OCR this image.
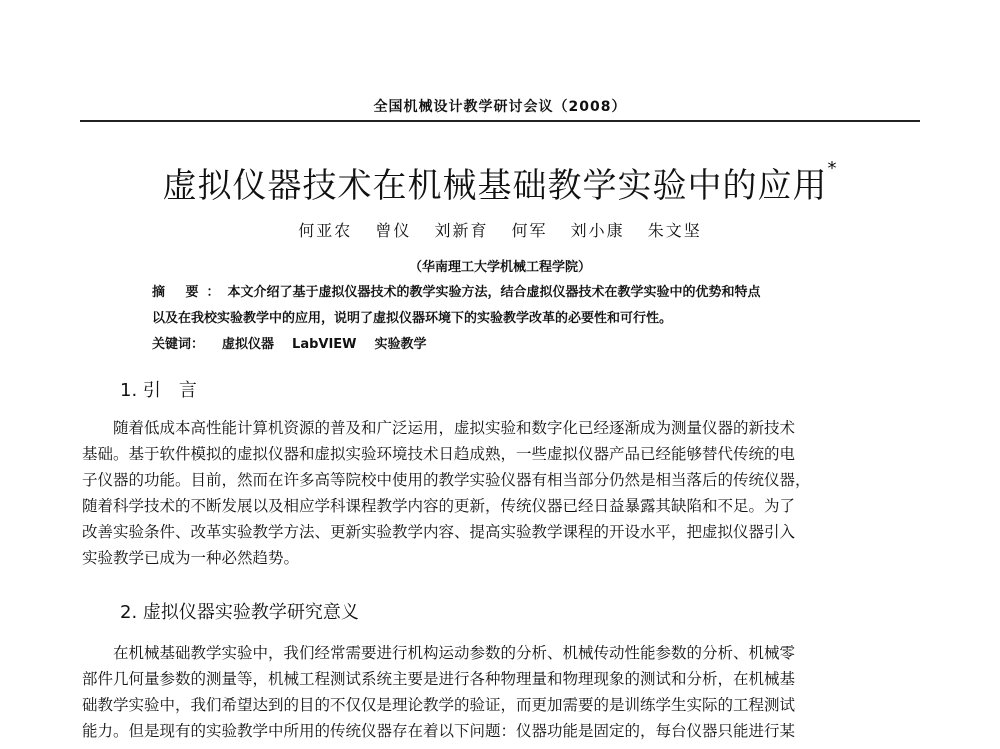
全国机械设计教学研讨会议（2008）
虚拟仪器技术在机械基础教学实验中的应用*
何亚农 曾仪 刘新育 何军 刘小康 朱文坚
（华南理工大学机械工程学院）
摘 要：本文介绍了基于虚拟仪器技术的教学实验方法，结合虚拟仪器技术在教学实验中的优势和特点
以及在我校实验教学中的应用，说明了虚拟仪器环境下的实验教学改革的必要性和可行性。
关键词： 虚拟仪器 LabVIEW 实验教学
1. 引　言

　　随着低成本高性能计算机资源的普及和广泛运用，虚拟实验和数字化已经逐渐成为测量仪器的新技术

基础。基于软件模拟的虚拟仪器和虚拟实验环境技术日趋成熟，一些虚拟仪器产品已经能够替代传统的电

子仪器的功能。目前，然而在许多高等院校中使用的教学实验仪器有相当部分仍然是相当落后的传统仪器，

随着科学技术的不断发展以及相应学科课程教学内容的更新，传统仪器已经日益暴露其缺陷和不足。为了

改善实验条件、改革实验教学方法、更新实验教学内容、提高实验教学课程的开设水平，把虚拟仪器引入

实验教学已成为一种必然趋势。

2. 虚拟仪器实验教学研究意义

　　在机械基础教学实验中，我们经常需要进行机构运动参数的分析、机械传动性能参数的分析、机械零

部件几何量参数的测量等，机械工程测试系统主要是进行各种物理量和物理现象的测试和分析，在机械基

础教学实验中，我们希望达到的目的不仅仅是理论教学的验证，而更加需要的是训练学生实际的工程测试

能力。但是现有的实验教学中所用的传统仪器存在着以下问题：仪器功能是固定的，每台仪器只能进行某
